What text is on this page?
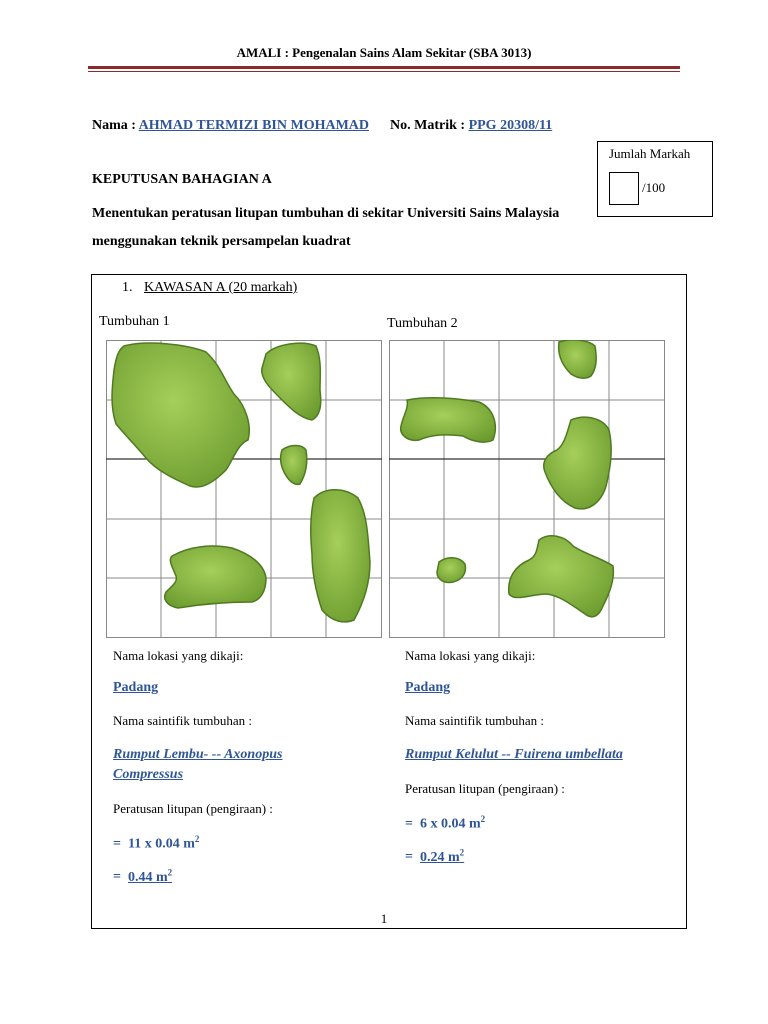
AMALI : Pengenalan Sains Alam Sekitar (SBA 3013)
Nama : AHMAD TERMIZI BIN MOHAMAD No. Matrik : PPG 20308/11
Jumlah Markah
/100
KEPUTUSAN BAHAGIAN A
Menentukan peratusan litupan tumbuhan di sekitar Universiti Sains Malaysia menggunakan teknik persampelan kuadrat
1. KAWASAN A (20 markah)
Tumbuhan 1
Nama lokasi yang dikaji:
Padang
Nama saintifik tumbuhan :
Rumput Lembu- -- Axonopus
Compressus
Peratusan litupan (pengiraan) :
= 11 x 0.04 $m^2$
= 0.44 $m^2$
Tumbuhan 2
Nama lokasi yang dikaji:
Padang
Nama saintifik tumbuhan :
Rumput Kelulut -- Fuirena umbellata
Peratusan litupan (pengiraan) :
= 6 x 0.04 $m^2$
= 0.24 $m^2$
1
